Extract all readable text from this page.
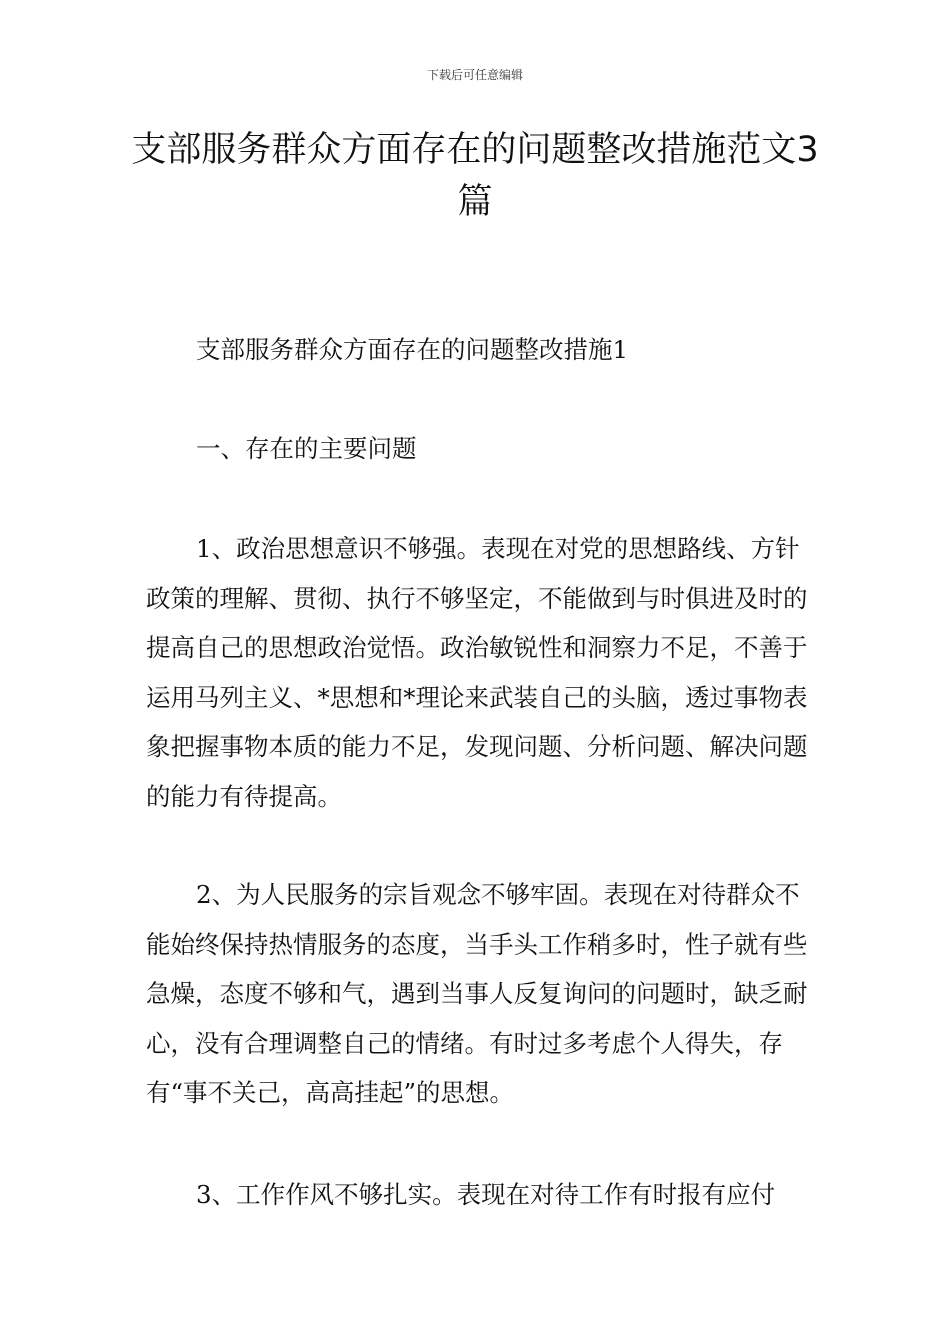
下载后可任意编辑
支部服务群众方面存在的问题整改措施范文3篇

支部服务群众方面存在的问题整改措施1

一、存在的主要问题

1、政治思想意识不够强。表现在对党的思想路线、方针政策的理解、贯彻、执行不够坚定，不能做到与时俱进及时的提高自己的思想政治觉悟。政治敏锐性和洞察力不足，不善于运用马列主义、*思想和*理论来武装自己的头脑，透过事物表象把握事物本质的能力不足，发现问题、分析问题、解决问题的能力有待提高。

2、为人民服务的宗旨观念不够牢固。表现在对待群众不能始终保持热情服务的态度，当手头工作稍多时，性子就有些急燥，态度不够和气，遇到当事人反复询问的问题时，缺乏耐心，没有合理调整自己的情绪。有时过多考虑个人得失，存有“事不关己，高高挂起”的思想。

3、工作作风不够扎实。表现在对待工作有时报有应付
